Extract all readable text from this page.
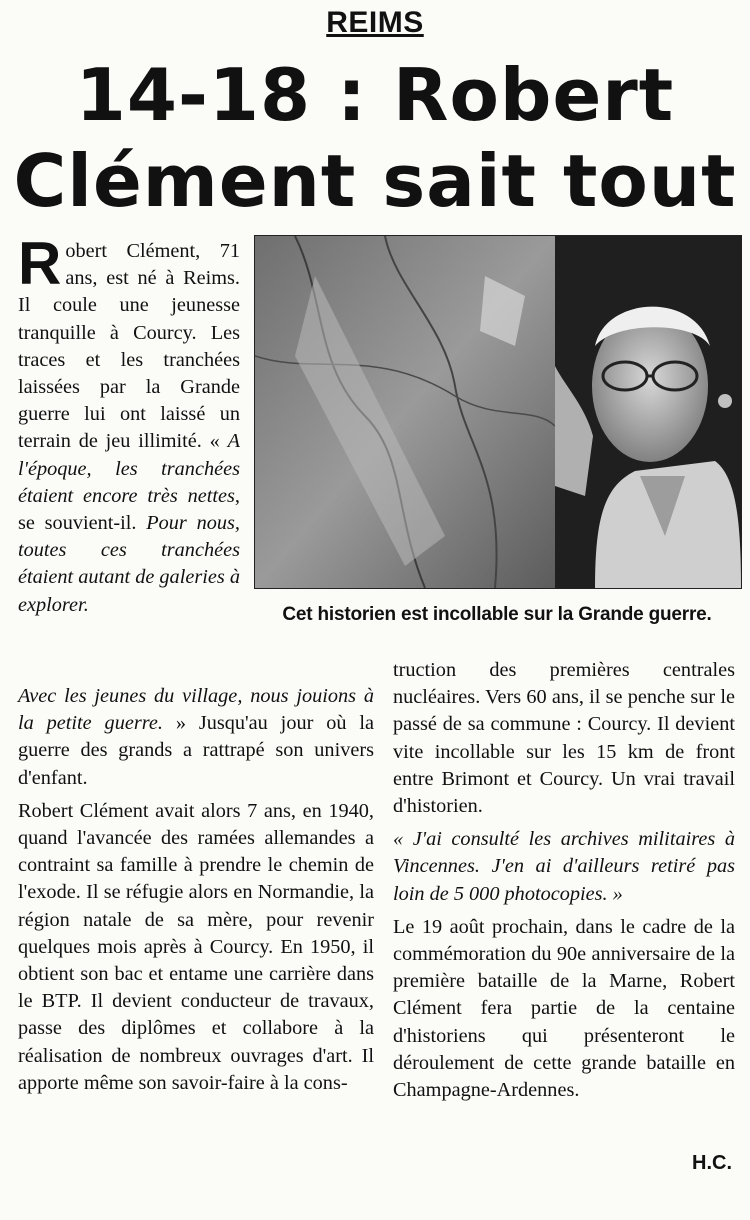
REIMS
14-18 : Robert
Clément sait tout
Cet historien est incollable sur la Grande guerre.

Robert Clément, 71 ans, est né à Reims. Il coule une jeunesse tranquille à Courcy. Les traces et les tranchées laissées par la Grande guerre lui ont laissé un terrain de jeu illimité. « A l'époque, les tranchées étaient encore très nettes, se souvient-il. Pour nous, toutes ces tranchées étaient autant de galeries à explorer.

Avec les jeunes du village, nous jouions à la petite guerre. » Jusqu'au jour où la guerre des grands a rattrapé son univers d'enfant.

Robert Clément avait alors 7 ans, en 1940, quand l'avancée des ramées allemandes a contraint sa famille à prendre le chemin de l'exode. Il se réfugie alors en Normandie, la région natale de sa mère, pour revenir quelques mois après à Courcy. En 1950, il obtient son bac et entame une carrière dans le BTP. Il devient conducteur de travaux, passe des diplômes et collabore à la réalisation de nombreux ouvrages d'art. Il apporte même son savoir-faire à la cons-

truction des premières centrales nucléaires. Vers 60 ans, il se penche sur le passé de sa commune : Courcy. Il devient vite incollable sur les 15 km de front entre Brimont et Courcy. Un vrai travail d'historien.

« J'ai consulté les archives militaires à Vincennes. J'en ai d'ailleurs retiré pas loin de 5 000 photocopies. »

Le 19 août prochain, dans le cadre de la commémoration du 90e anniversaire de la première bataille de la Marne, Robert Clément fera partie de la centaine d'historiens qui présenteront le déroulement de cette grande bataille en Champagne-Ardennes.

H.C.
